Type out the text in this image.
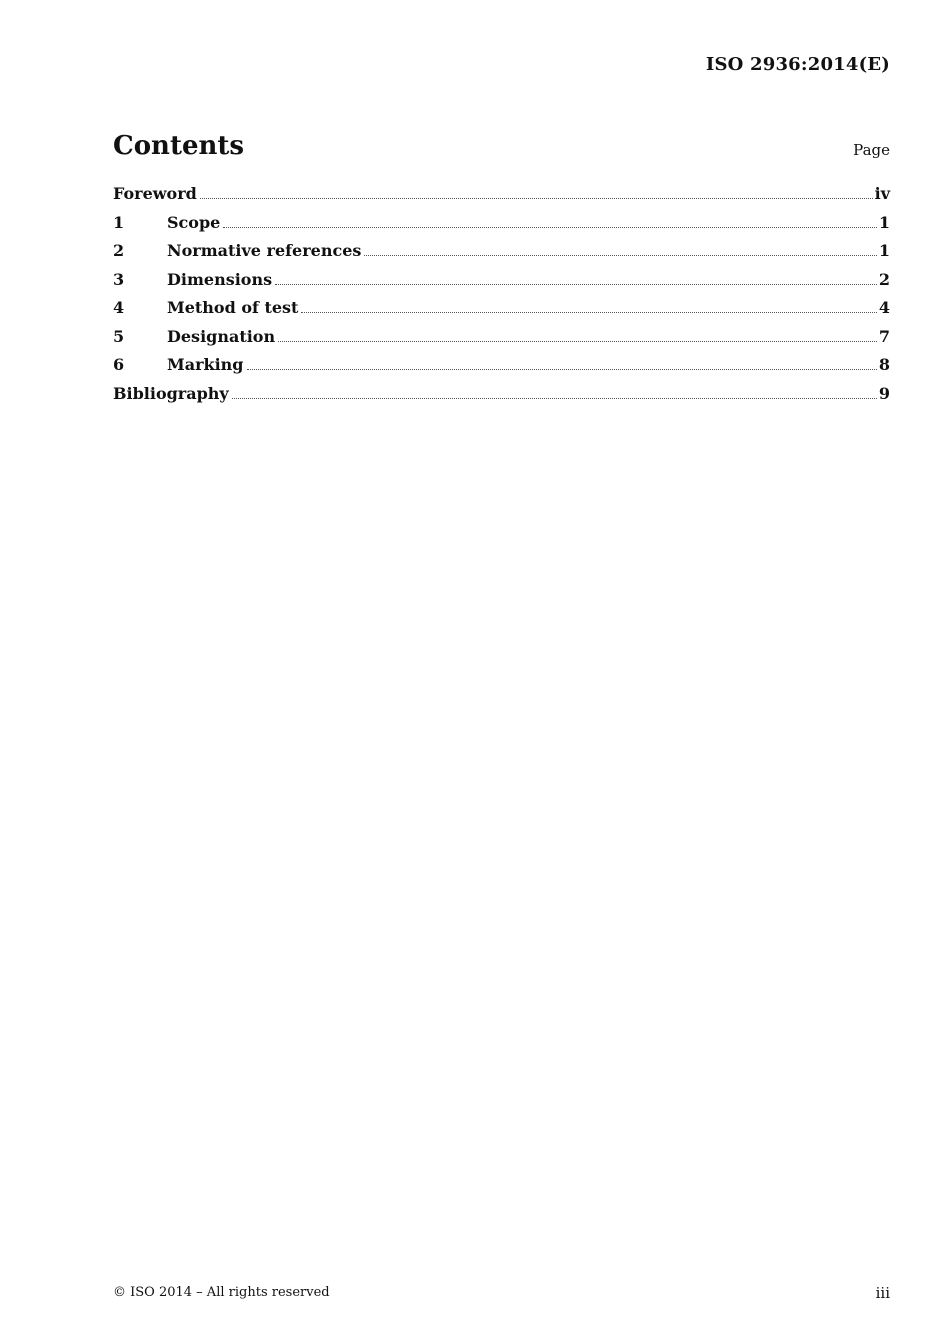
ISO 2936:2014(E)
Contents	Page
Foreword	iv
1	Scope	1
2	Normative references	1
3	Dimensions	2
4	Method of test	4
5	Designation	7
6	Marking	8
Bibliography	9
© ISO 2014 – All rights reserved	iii
